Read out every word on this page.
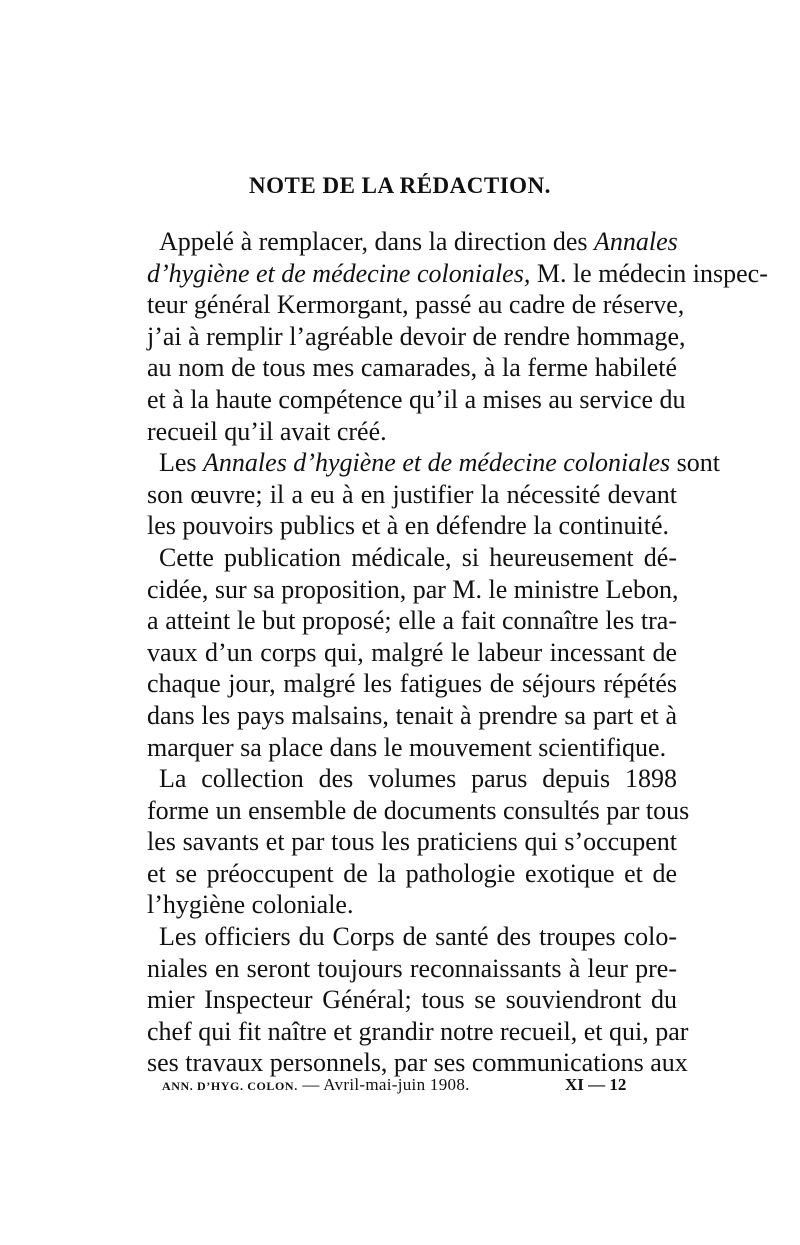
NOTE DE LA RÉDACTION.
Appelé à remplacer, dans la direction des Annales
d’hygiène et de médecine coloniales, M. le médecin inspec-
teur général Kermorgant, passé au cadre de réserve,
j’ai à remplir l’agréable devoir de rendre hommage,
au nom de tous mes camarades, à la ferme habileté
et à la haute compétence qu’il a mises au service du
recueil qu’il avait créé.
Les Annales d’hygiène et de médecine coloniales sont
son œuvre; il a eu à en justifier la nécessité devant
les pouvoirs publics et à en défendre la continuité.
Cette publication médicale, si heureusement dé-
cidée, sur sa proposition, par M. le ministre Lebon,
a atteint le but proposé; elle a fait connaître les tra-
vaux d’un corps qui, malgré le labeur incessant de
chaque jour, malgré les fatigues de séjours répétés
dans les pays malsains, tenait à prendre sa part et à
marquer sa place dans le mouvement scientifique.
La collection des volumes parus depuis 1898
forme un ensemble de documents consultés par tous
les savants et par tous les praticiens qui s’occupent
et se préoccupent de la pathologie exotique et de
l’hygiène coloniale.
Les officiers du Corps de santé des troupes colo-
niales en seront toujours reconnaissants à leur pre-
mier Inspecteur Général; tous se souviendront du
chef qui fit naître et grandir notre recueil, et qui, par
ses travaux personnels, par ses communications aux
ANN. D’HYG. COLON. — Avril-mai-juin 1908.	XI — 12
